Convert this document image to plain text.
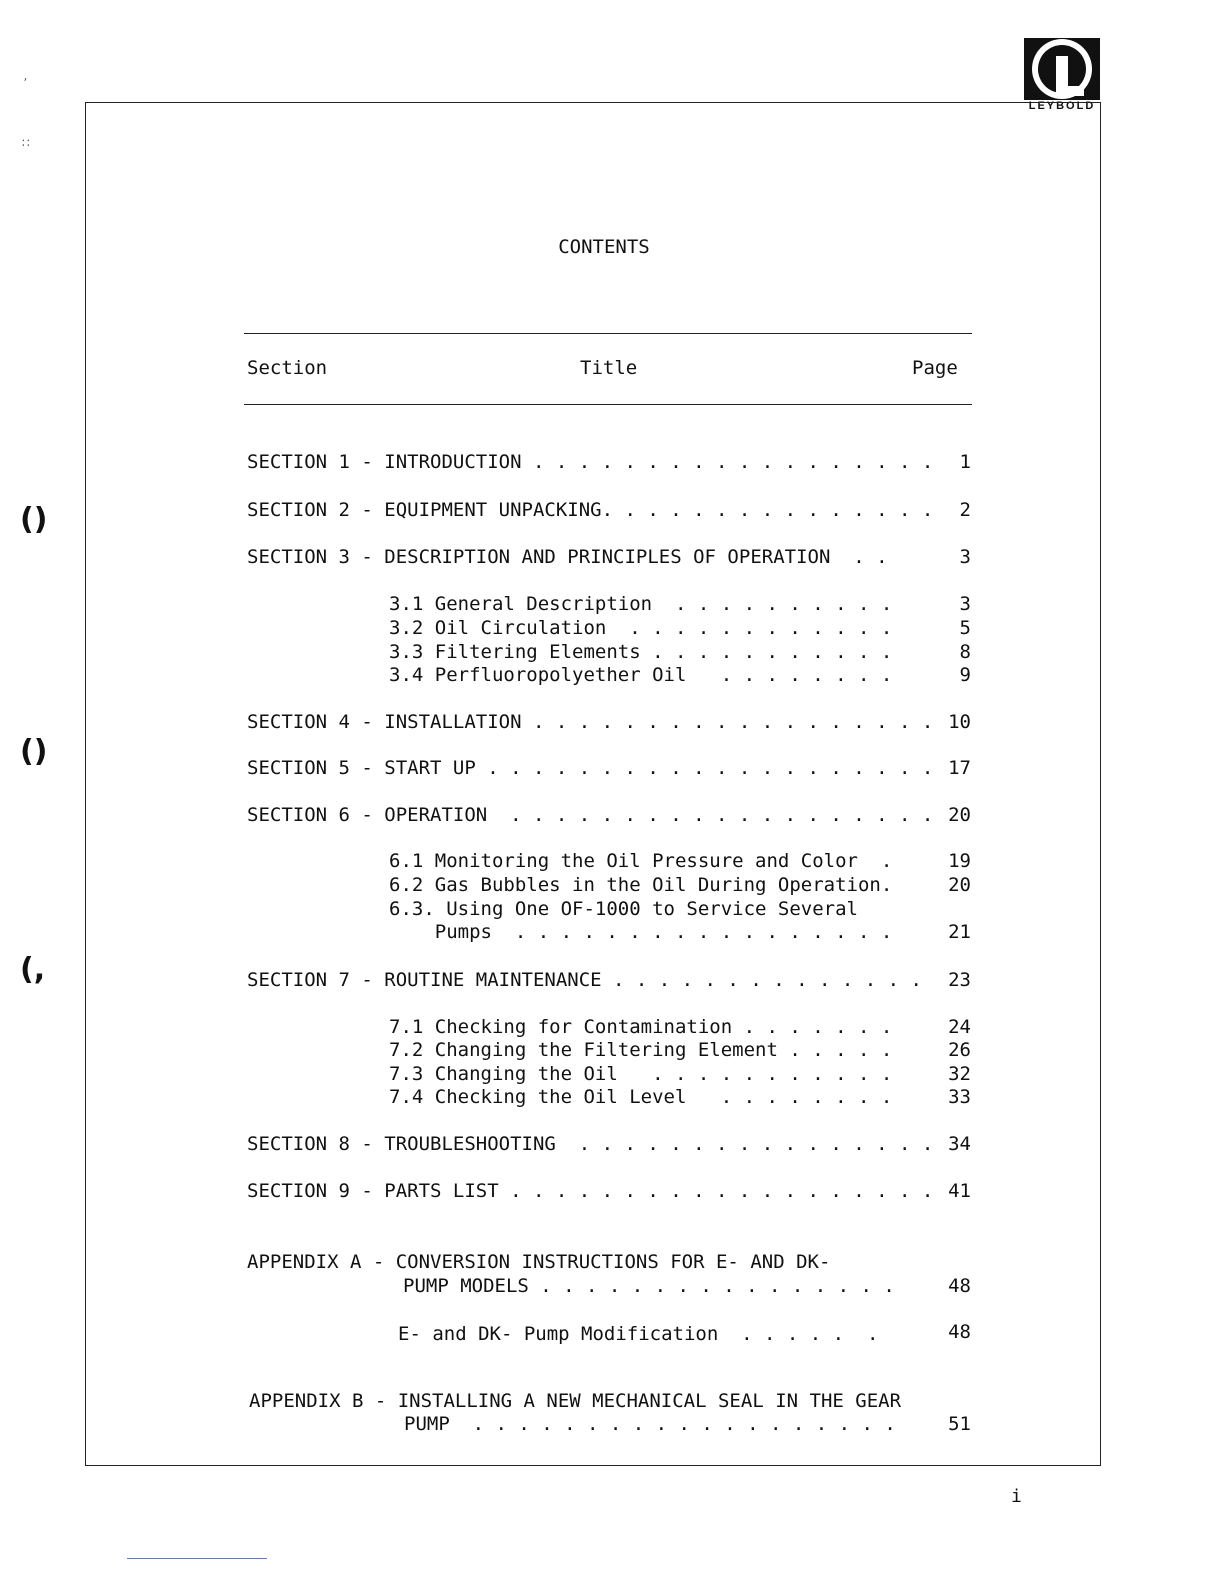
⸴
∷
()
()
(,
LEYBOLD
CONTENTS
Section	Title	Page
SECTION 1 - INTRODUCTION . . . . . . . . . . . . . . . . . .	1
SECTION 2 - EQUIPMENT UNPACKING. . . . . . . . . . . . . . .	2
SECTION 3 - DESCRIPTION AND PRINCIPLES OF OPERATION  . .	3
3.1 General Description  . . . . . . . . . .	3
3.2 Oil Circulation  . . . . . . . . . . . .	5
3.3 Filtering Elements . . . . . . . . . . .	8
3.4 Perfluoropolyether Oil   . . . . . . . .	9
SECTION 4 - INSTALLATION . . . . . . . . . . . . . . . . . . 10
SECTION 5 - START UP . . . . . . . . . . . . . . . . . . . . 17
SECTION 6 - OPERATION  . . . . . . . . . . . . . . . . . . . 20
6.1 Monitoring the Oil Pressure and Color  .	19
6.2 Gas Bubbles in the Oil During Operation.	20
6.3. Using One OF-1000 to Service Several
Pumps  . . . . . . . . . . . . . . . . .	21
SECTION 7 - ROUTINE MAINTENANCE . . . . . . . . . . . . . .	23
7.1 Checking for Contamination . . . . . . .	24
7.2 Changing the Filtering Element . . . . .	26
7.3 Changing the Oil   . . . . . . . . . . .	32
7.4 Checking the Oil Level   . . . . . . . .	33
SECTION 8 - TROUBLESHOOTING  . . . . . . . . . . . . . . . . 34
SECTION 9 - PARTS LIST . . . . . . . . . . . . . . . . . . . 41
APPENDIX A - CONVERSION INSTRUCTIONS FOR E- AND DK-
PUMP MODELS . . . . . . . . . . . . . . . .	48
E- and DK- Pump Modification  . . . . .  .	48
APPENDIX B - INSTALLING A NEW MECHANICAL SEAL IN THE GEAR
PUMP  . . . . . . . . . . . . . . . . . . .	51
i
